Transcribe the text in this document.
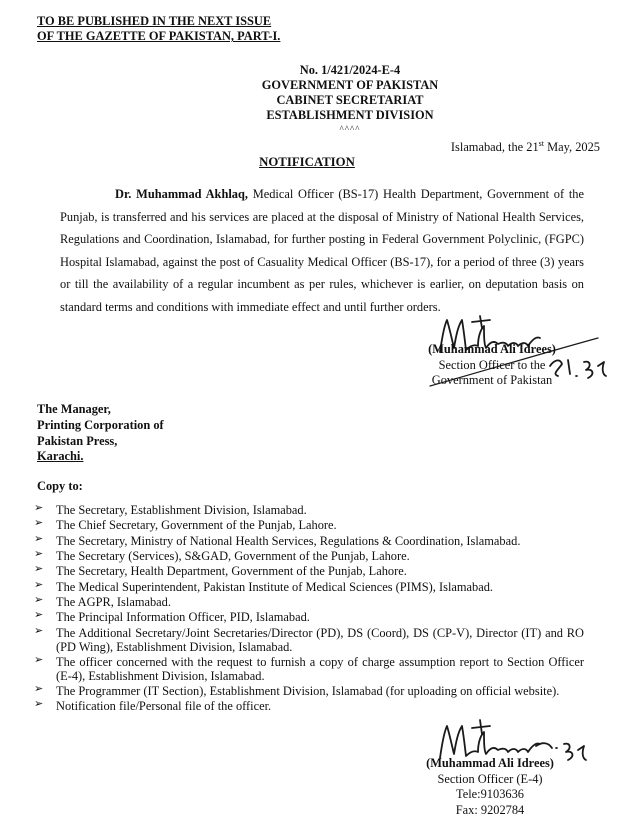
TO BE PUBLISHED IN THE NEXT ISSUE
OF THE GAZETTE OF PAKISTAN, PART-I.
No. 1/421/2024-E-4
GOVERNMENT OF PAKISTAN
CABINET SECRETARIAT
ESTABLISHMENT DIVISION
^^^^
Islamabad, the 21st May, 2025
NOTIFICATION
Dr. Muhammad Akhlaq, Medical Officer (BS-17) Health Department, Government of the Punjab, is transferred and his services are placed at the disposal of Ministry of National Health Services, Regulations and Coordination, Islamabad, for further posting in Federal Government Polyclinic, (FGPC) Hospital Islamabad, against the post of Casuality Medical Officer (BS-17), for a period of three (3) years or till the availability of a regular incumbent as per rules, whichever is earlier, on deputation basis on standard terms and conditions with immediate effect and until further orders.
(Muhammad Ali Idrees)
Section Officer to the
Government of Pakistan
The Manager,
Printing Corporation of
Pakistan Press,
Karachi.
Copy to:
➢ The Secretary, Establishment Division, Islamabad.
➢ The Chief Secretary, Government of the Punjab, Lahore.
➢ The Secretary, Ministry of National Health Services, Regulations & Coordination, Islamabad.
➢ The Secretary (Services), S&GAD, Government of the Punjab, Lahore.
➢ The Secretary, Health Department, Government of the Punjab, Lahore.
➢ The Medical Superintendent, Pakistan Institute of Medical Sciences (PIMS), Islamabad.
➢ The AGPR, Islamabad.
➢ The Principal Information Officer, PID, Islamabad.
➢ The Additional Secretary/Joint Secretaries/Director (PD), DS (Coord), DS (CP-V), Director (IT) and RO (PD Wing), Establishment Division, Islamabad.
➢ The officer concerned with the request to furnish a copy of charge assumption report to Section Officer (E-4), Establishment Division, Islamabad.
➢ The Programmer (IT Section), Establishment Division, Islamabad (for uploading on official website).
➢ Notification file/Personal file of the officer.
(Muhammad Ali Idrees)
Section Officer (E-4)
Tele:9103636
Fax: 9202784
